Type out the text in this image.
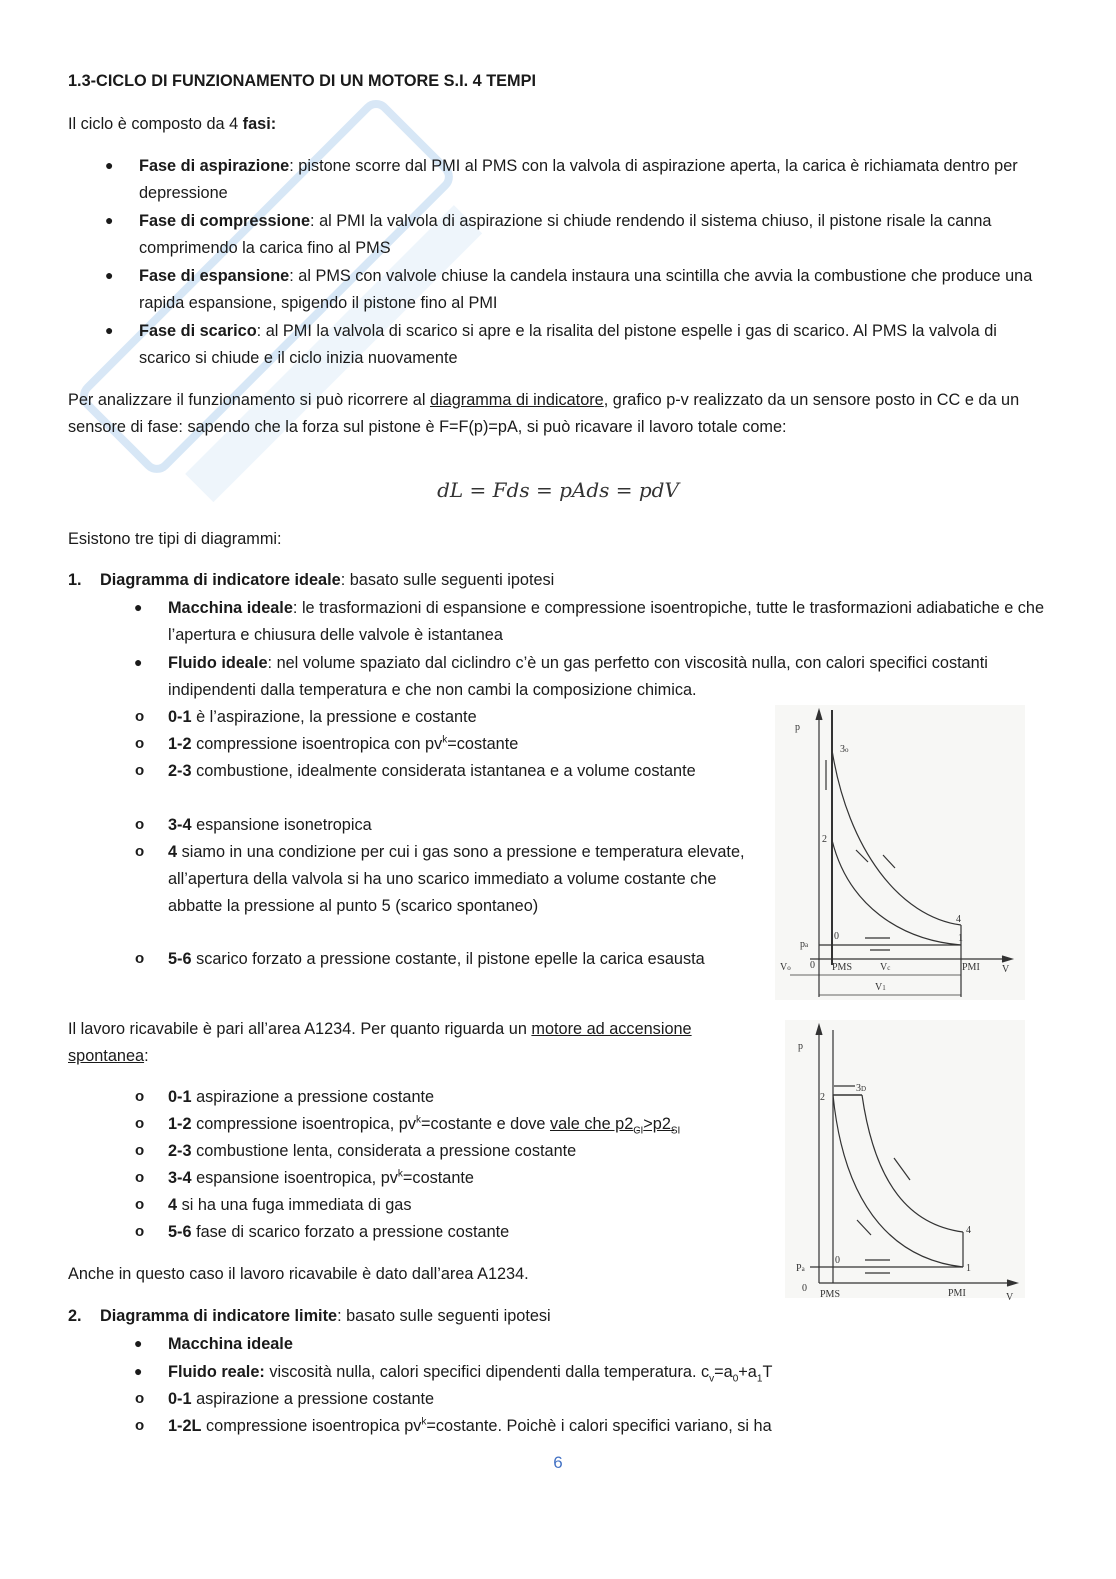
1.3-CICLO DI FUNZIONAMENTO DI UN MOTORE S.I. 4 TEMPI
Il ciclo è composto da 4 fasi:
● Fase di aspirazione: pistone scorre dal PMI al PMS con la valvola di aspirazione aperta, la carica è richiamata dentro per depressione
● Fase di compressione: al PMI la valvola di aspirazione si chiude rendendo il sistema chiuso, il pistone risale la canna comprimendo la carica fino al PMS
● Fase di espansione: al PMS con valvole chiuse la candela instaura una scintilla che avvia la combustione che produce una rapida espansione, spigendo il pistone fino al PMI
● Fase di scarico: al PMI la valvola di scarico si apre e la risalita del pistone espelle i gas di scarico. Al PMS la valvola di scarico si chiude e il ciclo inizia nuovamente
Per analizzare il funzionamento si può ricorrere al diagramma di indicatore, grafico p-v realizzato da un sensore posto in CC e da un sensore di fase: sapendo che la forza sul pistone è F=F(p)=pA, si può ricavare il lavoro totale come:
dL = Fds = pAds = pdV
Esistono tre tipi di diagrammi:
1. Diagramma di indicatore ideale: basato sulle seguenti ipotesi
● Macchina ideale: le trasformazioni di espansione e compressione isoentropiche, tutte le trasformazioni adiabatiche e che l’apertura e chiusura delle valvole è istantanea
● Fluido ideale: nel volume spaziato dal ciclindro c’è un gas perfetto con viscosità nulla, con calori specifici costanti indipendenti dalla temperatura e che non cambi la composizione chimica.
o 0-1 è l’aspirazione, la pressione e costante
o 1-2 compressione isoentropica con $pv^k=costante$
o 2-3 combustione, idealmente considerata istantanea e a volume costante
o 3-4 espansione isonetropica
o 4 siamo in una condizione per cui i gas sono a pressione e temperatura elevate, all’apertura della valvola si ha uno scarico immediato a volume costante che abbatte la pressione al punto 5 (scarico spontaneo)
o 5-6 scarico forzato a pressione costante, il pistone epelle la carica esausta
p
3o
2
4
1
0
pa
Vo 0 PMS	Vc	PMI V
V1
Il lavoro ricavabile è pari all’area A1234. Per quanto riguarda un motore ad accensione spontanea:
o 0-1 aspirazione a pressione costante
o 1-2 compressione isoentropica, $pv^k=costante$ e dove vale che $p2_{CI}>p2_{SI}$
o 2-3 combustione lenta, considerata a pressione costante
o 3-4 espansione isoentropica, $pv^k=costante$
o 4 si ha una fuga immediata di gas
o 5-6 fase di scarico forzato a pressione costante
Anche in questo caso il lavoro ricavabile è dato dall’area A1234.
p
2
3D
4
1
0
Pa
0
PMS	PMI	V
2. Diagramma di indicatore limite: basato sulle seguenti ipotesi
● Macchina ideale
● Fluido reale: viscosità nulla, calori specifici dipendenti dalla temperatura. $c_v=a_0+a_1T$
o 0-1 aspirazione a pressione costante
o 1-2L compressione isoentropica $pv^k=costante$. Poichè i calori specifici variano, si ha
6
